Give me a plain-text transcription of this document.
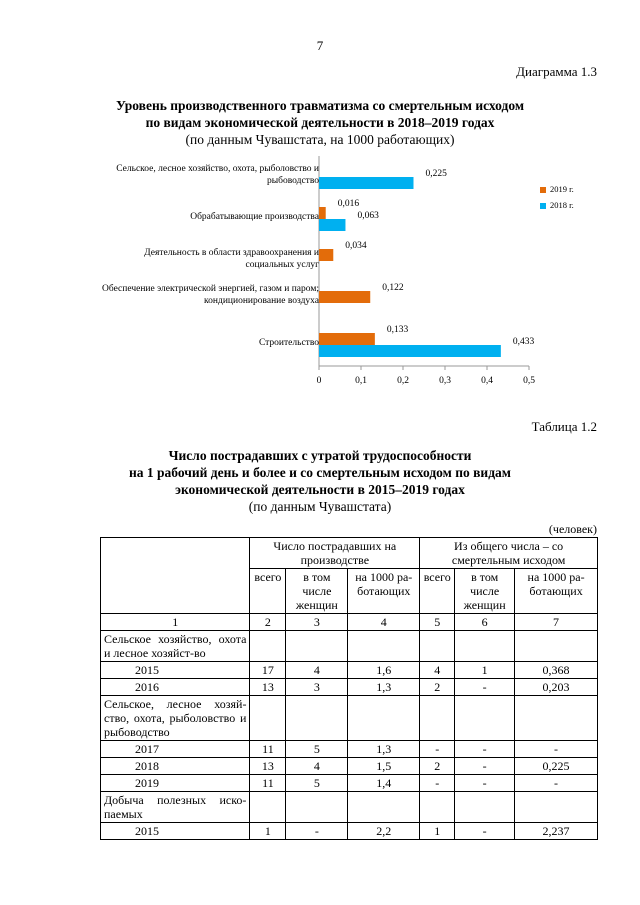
7
Диаграмма 1.3
Уровень производственного травматизма со смертельным исходом
по видам экономической деятельности в 2018–2019 годах
(по данным Чувашстата, на 1000 работающих)
0	0,1	0,2	0,3	0,4	0,5
Сельское, лесное хозяйство, охота, рыболовство и рыбоводство
0,225
Обрабатывающие производства
0,016
0,063
Деятельность в области здравоохранения и социальных услуг
0,034
Обеспечение электрической энергией, газом и паром; кондиционирование воздуха
0,122
Строительство
0,133
0,433
2019 г.
2018 г.
Таблица 1.2
Число пострадавших с утратой трудоспособности
на 1 рабочий день и более и со смертельным исходом по видам
экономической деятельности в 2015–2019 годах
(по данным Чувашстата)
(человек)
	Число пострадавших на производстве			Из общего числа – со смертельным исходом		
	всего	в том числе женщин	на 1000 ра-ботающих	всего	в том числе женщин	на 1000 ра-ботающих
1	2	3	4	5	6	7
Сельское хозяйство, охота и лесное хозяйст-во						
2015	17	4	1,6	4	1	0,368
2016	13	3	1,3	2	-	0,203
Сельское, лесное хозяй-ство, охота, рыболовство и рыбоводство						
2017	11	5	1,3	-	-	-
2018	13	4	1,5	2	-	0,225
2019	11	5	1,4	-	-	-
Добыча полезных иско-паемых						
2015	1	-	2,2	1	-	2,237
